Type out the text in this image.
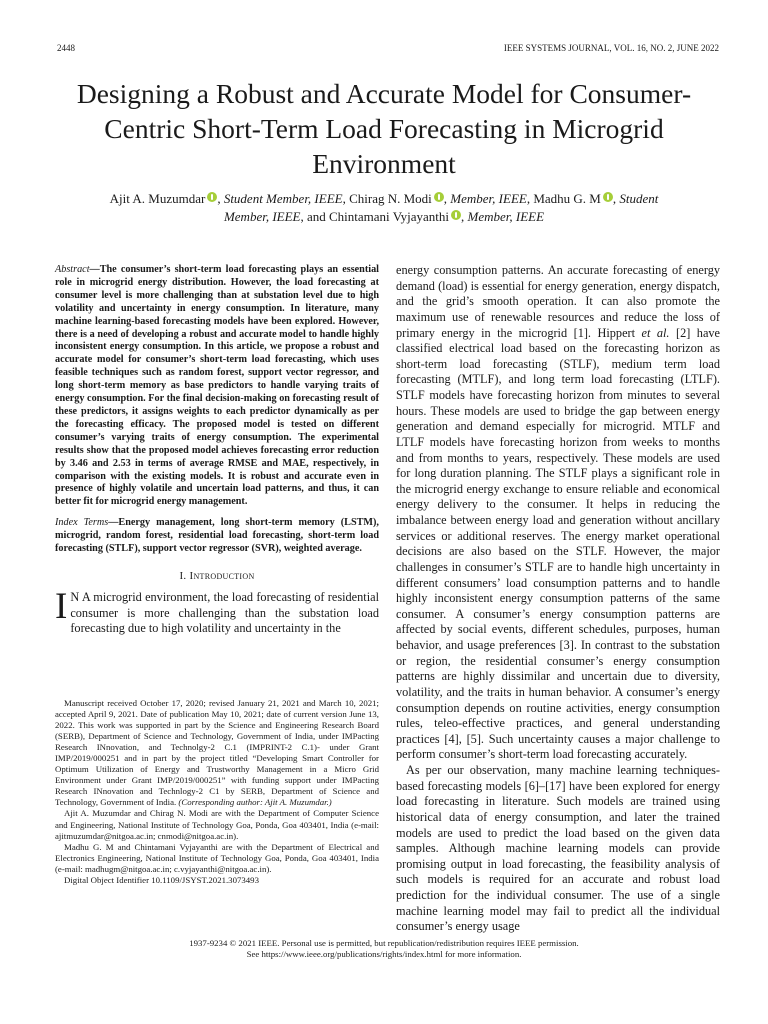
2448	IEEE SYSTEMS JOURNAL, VOL. 16, NO. 2, JUNE 2022
Designing a Robust and Accurate Model for Consumer-Centric Short-Term Load Forecasting in Microgrid Environment
Ajit A. Muzumdar , Student Member, IEEE, Chirag N. Modi , Member, IEEE, Madhu G. M , Student Member, IEEE, and Chintamani Vyjayanthi , Member, IEEE

Abstract—The consumer’s short-term load forecasting plays an essential role in microgrid energy distribution. However, the load forecasting at consumer level is more challenging than at substation level due to high volatility and uncertainty in energy consumption. In literature, many machine learning-based forecasting models have been explored. However, there is a need of developing a robust and accurate model to handle highly inconsistent energy consumption. In this article, we propose a robust and accurate model for consumer’s short-term load forecasting, which uses feasible techniques such as random forest, support vector regressor, and long short-term memory as base predictors to handle varying traits of energy consumption. For the final decision-making on forecasting result of these predictors, it assigns weights to each predictor dynamically as per the forecasting efficacy. The proposed model is tested on different consumer’s varying traits of energy consumption. The experimental results show that the proposed model achieves forecasting error reduction by 3.46 and 2.53 in terms of average RMSE and MAE, respectively, in comparison with the existing models. It is robust and accurate even in presence of highly volatile and uncertain load patterns, and thus, it can better fit for microgrid energy management.

Index Terms—Energy management, long short-term memory (LSTM), microgrid, random forest, residential load forecasting, short-term load forecasting (STLF), support vector regressor (SVR), weighted average.

I. Introduction

I N A microgrid environment, the load forecasting of residential consumer is more challenging than the substation load forecasting due to high volatility and uncertainty in the

Manuscript received October 17, 2020; revised January 21, 2021 and March 10, 2021; accepted April 9, 2021. Date of publication May 10, 2021; date of current version June 13, 2022. This work was supported in part by the Science and Engineering Research Board (SERB), Department of Science and Technology, Government of India, under IMPacting Research INnovation, and Technolgy-2 C.1 (IMPRINT-2 C.1)- under Grant IMP/2019/000251 and in part by the project titled “Developing Smart Controller for Optimum Utilization of Energy and Trustworthy Management in a Micro Grid Environment under Grant IMP/2019/000251” with funding support under IMPacting Research INnovation and Technlogy-2 C1 by SERB, Department of Science and Technology, Government of India. (Corresponding author: Ajit A. Muzumdar.)

Ajit A. Muzumdar and Chirag N. Modi are with the Department of Computer Science and Engineering, National Institute of Technology Goa, Ponda, Goa 403401, India (e-mail: ajitmuzumdar@nitgoa.ac.in; cnmodi@nitgoa.ac.in).

Madhu G. M and Chintamani Vyjayanthi are with the Department of Electrical and Electronics Engineering, National Institute of Technology Goa, Ponda, Goa 403401, India (e-mail: madhugm@nitgoa.ac.in; c.vyjayanthi@nitgoa.ac.in).

Digital Object Identifier 10.1109/JSYST.2021.3073493

energy consumption patterns. An accurate forecasting of energy demand (load) is essential for energy generation, energy dispatch, and the grid’s smooth operation. It can also promote the maximum use of renewable resources and reduce the loss of primary energy in the microgrid [1]. Hippert et al. [2] have classified electrical load based on the forecasting horizon as short-term load forecasting (STLF), medium term load forecasting (MTLF), and long term load forecasting (LTLF). STLF models have forecasting horizon from minutes to several hours. These models are used to bridge the gap between energy generation and demand especially for microgrid. MTLF and LTLF models have forecasting horizon from weeks to months and from months to years, respectively. These models are used for long duration planning. The STLF plays a significant role in the microgrid energy exchange to ensure reliable and economical energy delivery to the consumer. It helps in reducing the imbalance between energy load and generation without ancillary services or additional reserves. The energy market operational decisions are also based on the STLF. However, the major challenges in consumer’s STLF are to handle high uncertainty in different consumers’ load consumption patterns and to handle highly inconsistent energy consumption patterns of the same consumer. A consumer’s energy consumption patterns are affected by social events, different schedules, purposes, human behavior, and usage preferences [3]. In contrast to the substation or region, the residential consumer’s energy consumption patterns are highly dissimilar and uncertain due to diversity, volatility, and the traits in human behavior. A consumer’s energy consumption depends on routine activities, energy consumption rules, teleo-effective practices, and general understanding practices [4], [5]. Such uncertainty causes a major challenge to perform consumer’s short-term load forecasting accurately.

As per our observation, many machine learning techniques-based forecasting models [6]–[17] have been explored for energy load forecasting in literature. Such models are trained using historical data of energy consumption, and later the trained models are used to predict the load based on the given data samples. Although machine learning models can provide promising output in load forecasting, the feasibility analysis of such models is required for an accurate and robust load prediction for the individual consumer. The use of a single machine learning model may fail to predict all the individual consumer’s energy usage

1937-9234 © 2021 IEEE. Personal use is permitted, but republication/redistribution requires IEEE permission.
See https://www.ieee.org/publications/rights/index.html for more information.
